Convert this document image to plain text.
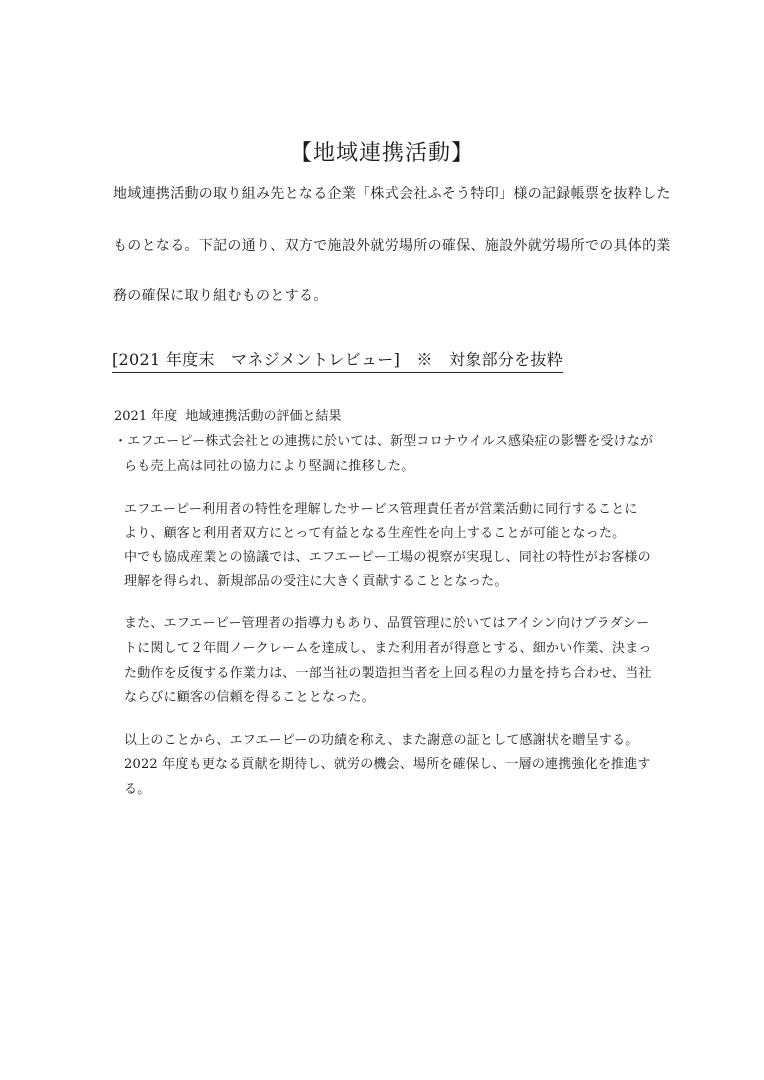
【地域連携活動】
地域連携活動の取り組み先となる企業「株式会社ふそう特印」様の記録帳票を抜粋した
ものとなる。下記の通り、双方で施設外就労場所の確保、施設外就労場所での具体的業
務の確保に取り組むものとする。
[2021 年度末　マネジメントレビュー]　※　対象部分を抜粋
2021 年度  地域連携活動の評価と結果
・エフエーピー株式会社との連携に於いては、新型コロナウイルス感染症の影響を受けなが
らも売上高は同社の協力により堅調に推移した。
エフエーピー利用者の特性を理解したサービス管理責任者が営業活動に同行することに
より、顧客と利用者双方にとって有益となる生産性を向上することが可能となった。
中でも協成産業との協議では、エフエーピー工場の視察が実現し、同社の特性がお客様の
理解を得られ、新規部品の受注に大きく貢献することとなった。
また、エフエーピー管理者の指導力もあり、品質管理に於いてはアイシン向けブラダシー
トに関して２年間ノークレームを達成し、また利用者が得意とする、細かい作業、決まっ
た動作を反復する作業力は、一部当社の製造担当者を上回る程の力量を持ち合わせ、当社
ならびに顧客の信頼を得ることとなった。
以上のことから、エフエーピーの功績を称え、また謝意の証として感謝状を贈呈する。
2022 年度も更なる貢献を期待し、就労の機会、場所を確保し、一層の連携強化を推進す
る。
